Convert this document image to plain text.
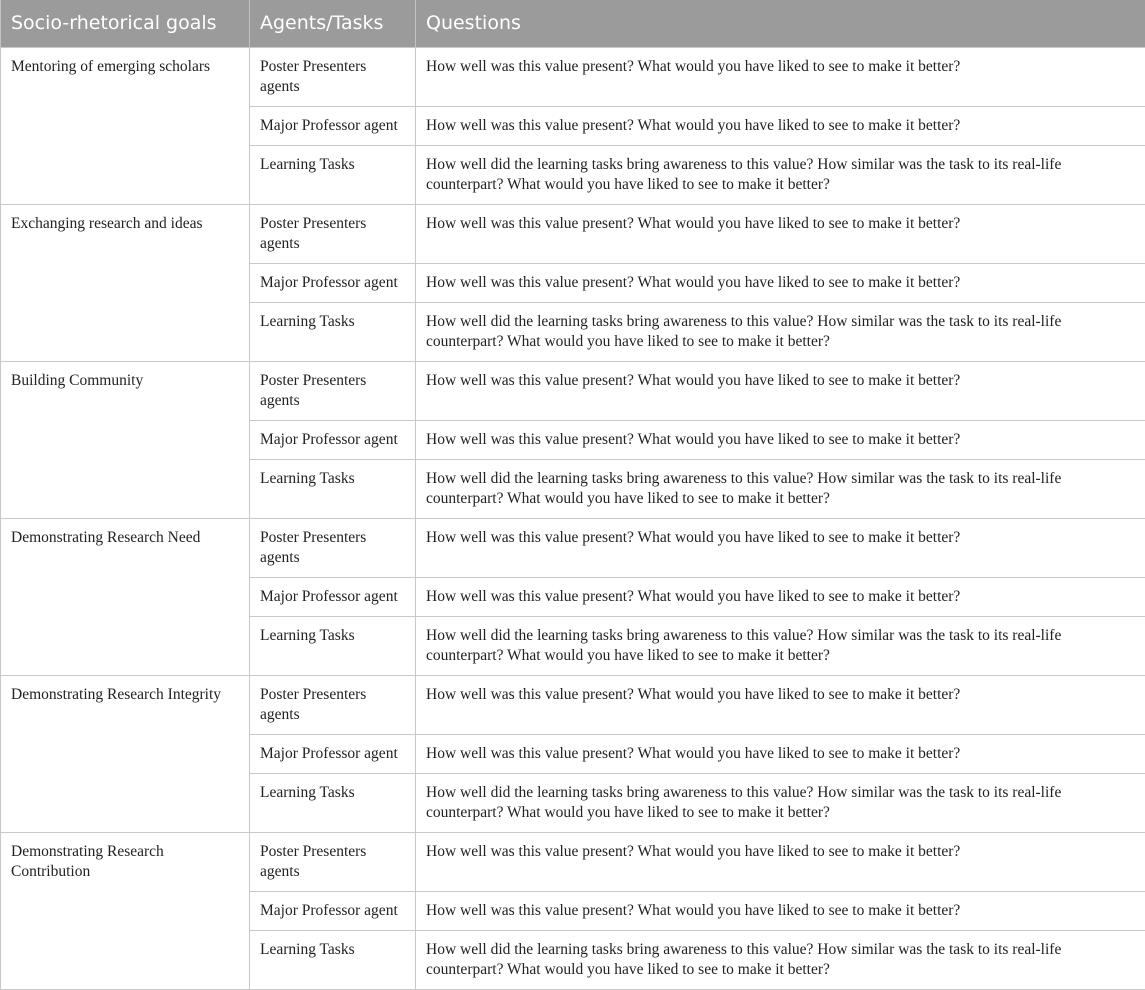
Socio-rhetorical goals	Agents/Tasks	Questions
Mentoring of emerging scholars	Poster Presenters agents	How well was this value present? What would you have liked to see to make it better?
	Major Professor agent	How well was this value present? What would you have liked to see to make it better?
	Learning Tasks	How well did the learning tasks bring awareness to this value? How similar was the task to its real-life counterpart? What would you have liked to see to make it better?
Exchanging research and ideas	Poster Presenters agents	How well was this value present? What would you have liked to see to make it better?
	Major Professor agent	How well was this value present? What would you have liked to see to make it better?
	Learning Tasks	How well did the learning tasks bring awareness to this value? How similar was the task to its real-life counterpart? What would you have liked to see to make it better?
Building Community	Poster Presenters agents	How well was this value present? What would you have liked to see to make it better?
	Major Professor agent	How well was this value present? What would you have liked to see to make it better?
	Learning Tasks	How well did the learning tasks bring awareness to this value? How similar was the task to its real-life counterpart? What would you have liked to see to make it better?
Demonstrating Research Need	Poster Presenters agents	How well was this value present? What would you have liked to see to make it better?
	Major Professor agent	How well was this value present? What would you have liked to see to make it better?
	Learning Tasks	How well did the learning tasks bring awareness to this value? How similar was the task to its real-life counterpart? What would you have liked to see to make it better?
Demonstrating Research Integrity	Poster Presenters agents	How well was this value present? What would you have liked to see to make it better?
	Major Professor agent	How well was this value present? What would you have liked to see to make it better?
	Learning Tasks	How well did the learning tasks bring awareness to this value? How similar was the task to its real-life counterpart? What would you have liked to see to make it better?
Demonstrating Research Contribution	Poster Presenters agents	How well was this value present? What would you have liked to see to make it better?
	Major Professor agent	How well was this value present? What would you have liked to see to make it better?
	Learning Tasks	How well did the learning tasks bring awareness to this value? How similar was the task to its real-life counterpart? What would you have liked to see to make it better?
